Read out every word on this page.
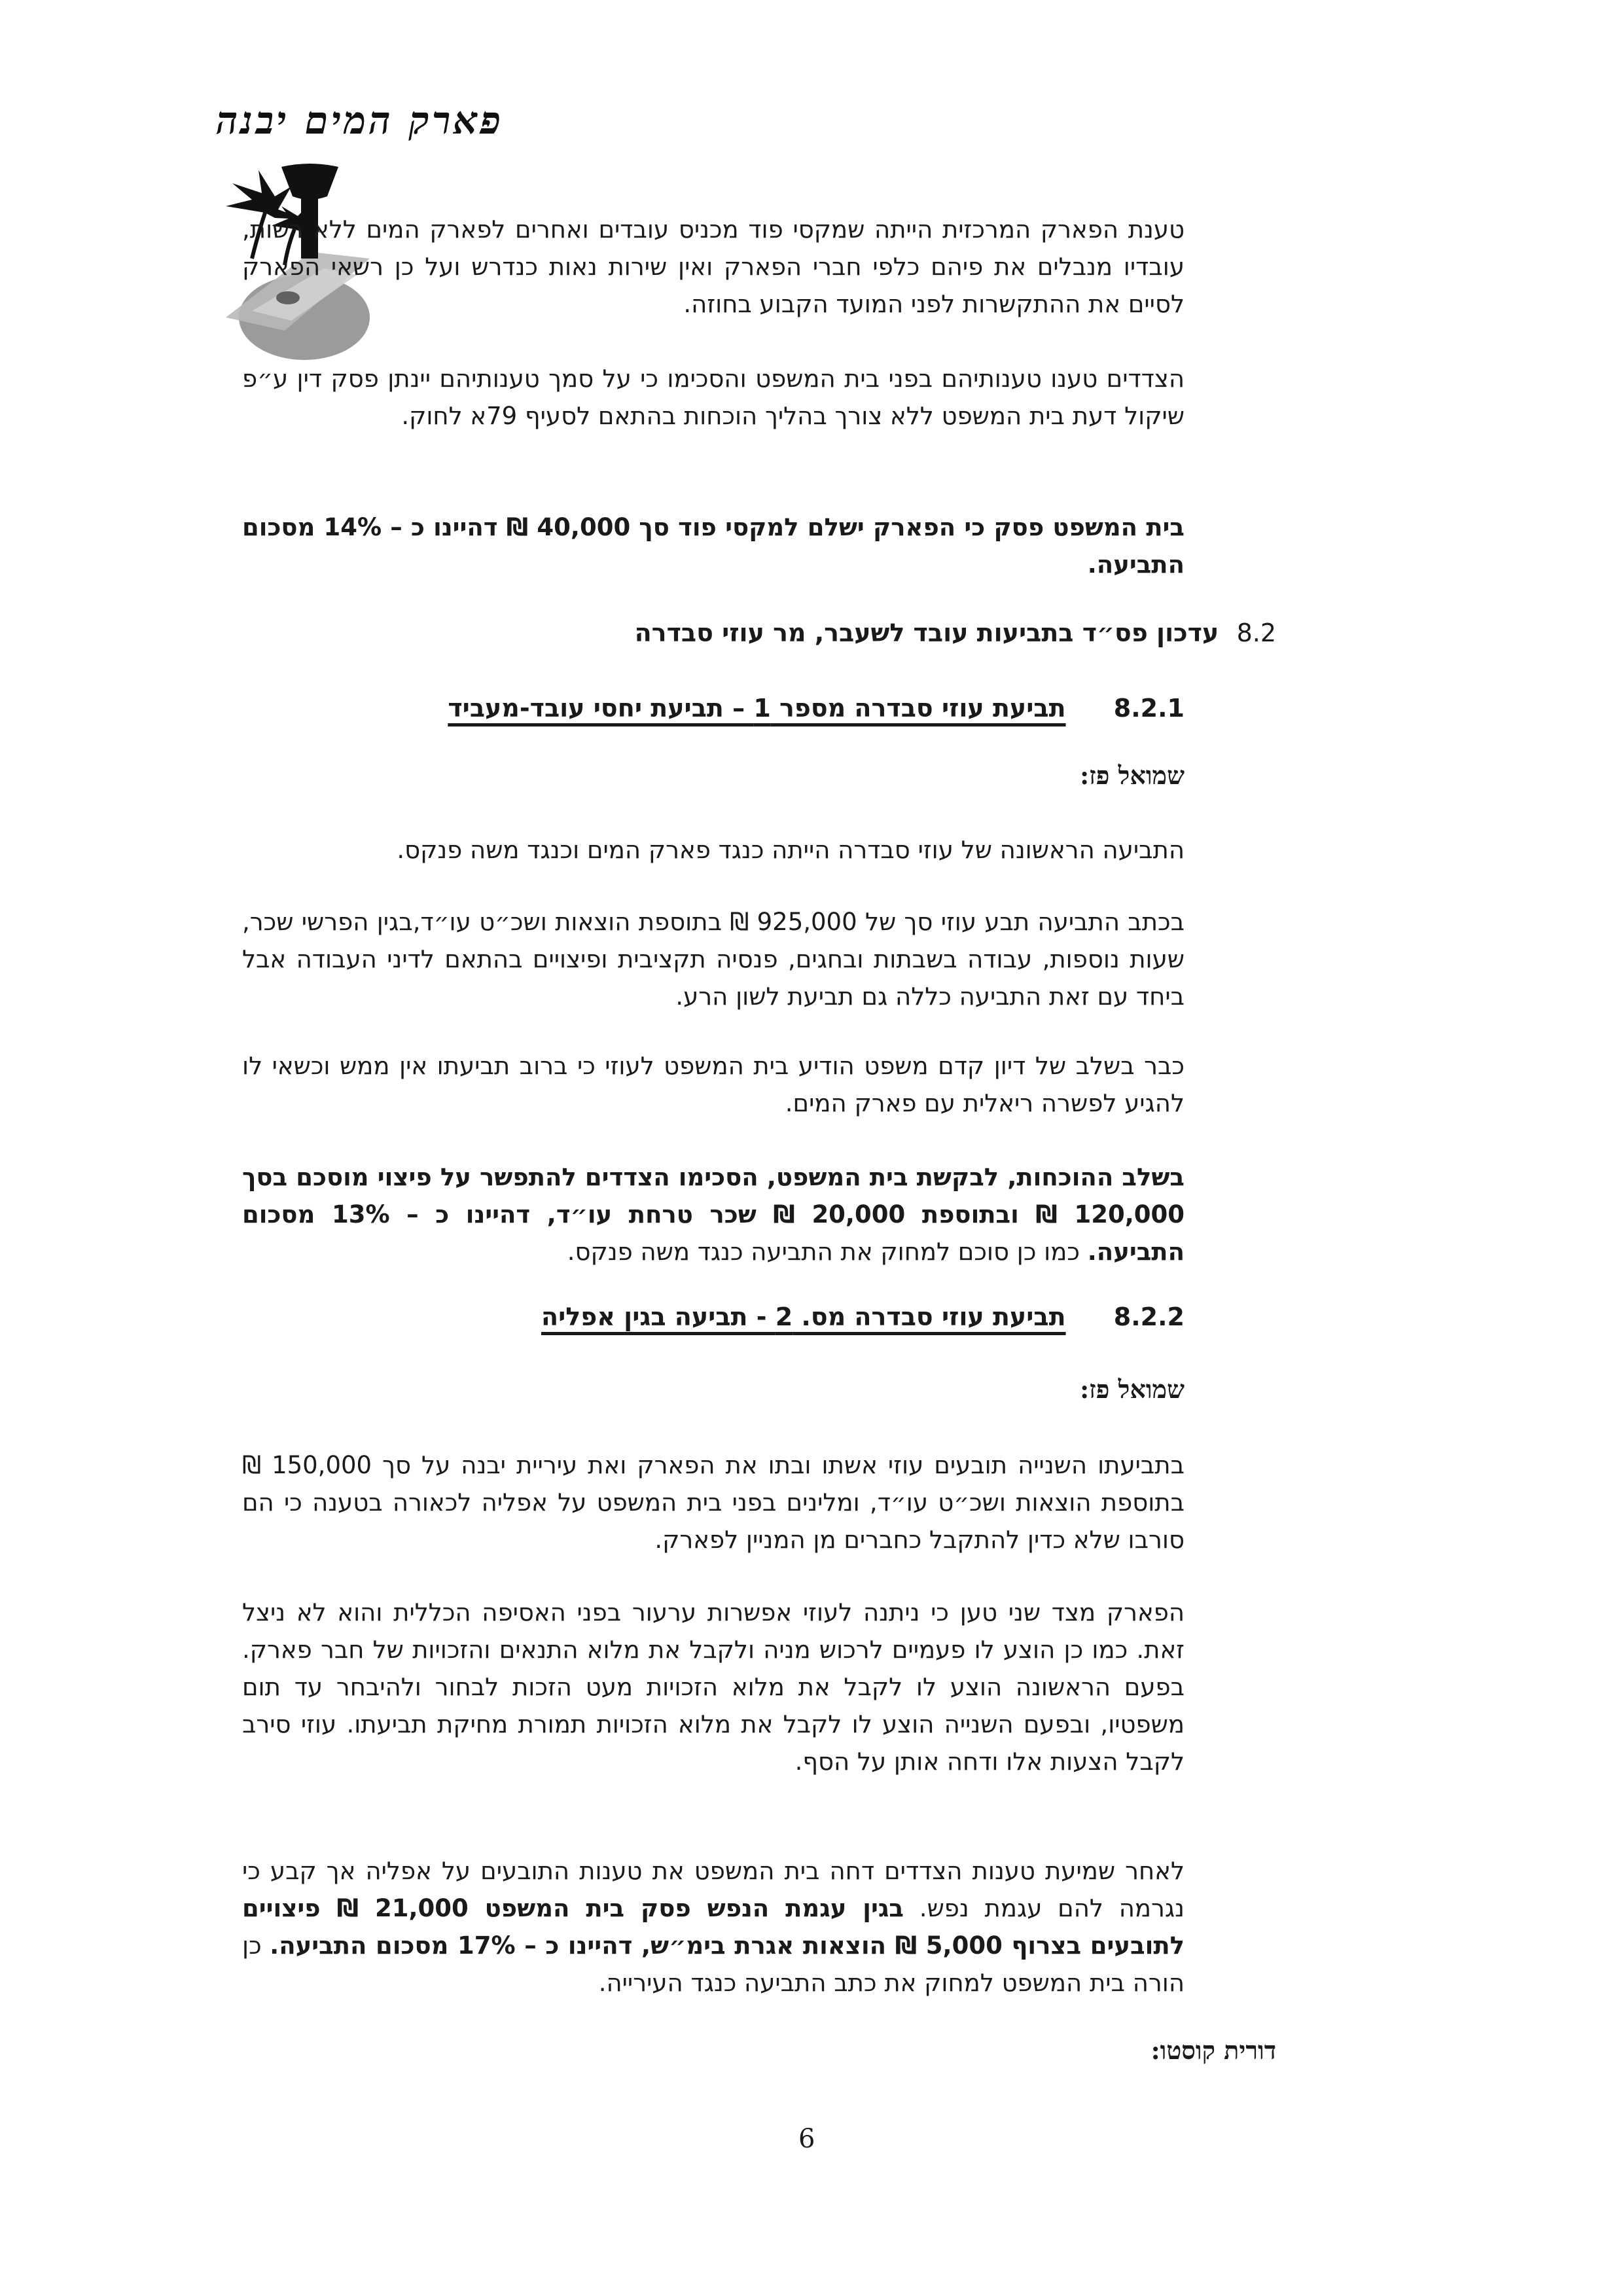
פארק המים יבנה

טענת הפארק המרכזית הייתה שמקסי פוד מכניס עובדים ואחרים לפארק המים ללא רשות, עובדיו מנבלים את פיהם כלפי חברי הפארק ואין שירות נאות כנדרש ועל כן רשאי הפארק לסיים את ההתקשרות לפני המועד הקבוע בחוזה.

הצדדים טענו טענותיהם בפני בית המשפט והסכימו כי על סמך טענותיהם יינתן פסק דין ע״פ שיקול דעת בית המשפט ללא צורך בהליך הוכחות בהתאם לסעיף 79א לחוק.

בית המשפט פסק כי הפארק ישלם למקסי פוד סך 40,000 ₪ דהיינו כ – 14% מסכום התביעה.

8.2 עדכון פס״ד בתביעות עובד לשעבר, מר עוזי סבדרה
8.2.1 תביעת עוזי סבדרה מספר 1 – תביעת יחסי עובד-מעביד
שמואל פז:

התביעה הראשונה של עוזי סבדרה הייתה כנגד פארק המים וכנגד משה פנקס.

בכתב התביעה תבע עוזי סך של 925,000 ₪ בתוספת הוצאות ושכ״ט עו״ד,בגין הפרשי שכר, שעות נוספות, עבודה בשבתות ובחגים, פנסיה תקציבית ופיצויים בהתאם לדיני העבודה אבל ביחד עם זאת התביעה כללה גם תביעת לשון הרע.

כבר בשלב של דיון קדם משפט הודיע בית המשפט לעוזי כי ברוב תביעתו אין ממש וכשאי לו להגיע לפשרה ריאלית עם פארק המים.

בשלב ההוכחות, לבקשת בית המשפט, הסכימו הצדדים להתפשר על פיצוי מוסכם בסך 120,000 ₪ ובתוספת 20,000 ₪ שכר טרחת עו״ד, דהיינו כ – 13% מסכום התביעה. כמו כן סוכם למחוק את התביעה כנגד משה פנקס.

8.2.2 תביעת עוזי סבדרה מס. 2 - תביעה בגין אפליה
שמואל פז:

בתביעתו השנייה תובעים עוזי אשתו ובתו את הפארק ואת עיריית יבנה על סך 150,000 ₪ בתוספת הוצאות ושכ״ט עו״ד, ומלינים בפני בית המשפט על אפליה לכאורה בטענה כי הם סורבו שלא כדין להתקבל כחברים מן המניין לפארק.

הפארק מצד שני טען כי ניתנה לעוזי אפשרות ערעור בפני האסיפה הכללית והוא לא ניצל זאת. כמו כן הוצע לו פעמיים לרכוש מניה ולקבל את מלוא התנאים והזכויות של חבר פארק. בפעם הראשונה הוצע לו לקבל את מלוא הזכויות מעט הזכות לבחור ולהיבחר עד תום משפטיו, ובפעם השנייה הוצע לו לקבל את מלוא הזכויות תמורת מחיקת תביעתו. עוזי סירב לקבל הצעות אלו ודחה אותן על הסף.

לאחר שמיעת טענות הצדדים דחה בית המשפט את טענות התובעים על אפליה אך קבע כי נגרמה להם עגמת נפש. בגין עגמת הנפש פסק בית המשפט 21,000 ₪ פיצויים לתובעים בצרוף 5,000 ₪ הוצאות אגרת בימ״ש, דהיינו כ – 17% מסכום התביעה. כן הורה בית המשפט למחוק את כתב התביעה כנגד העירייה.

דורית קוסטו:
6
